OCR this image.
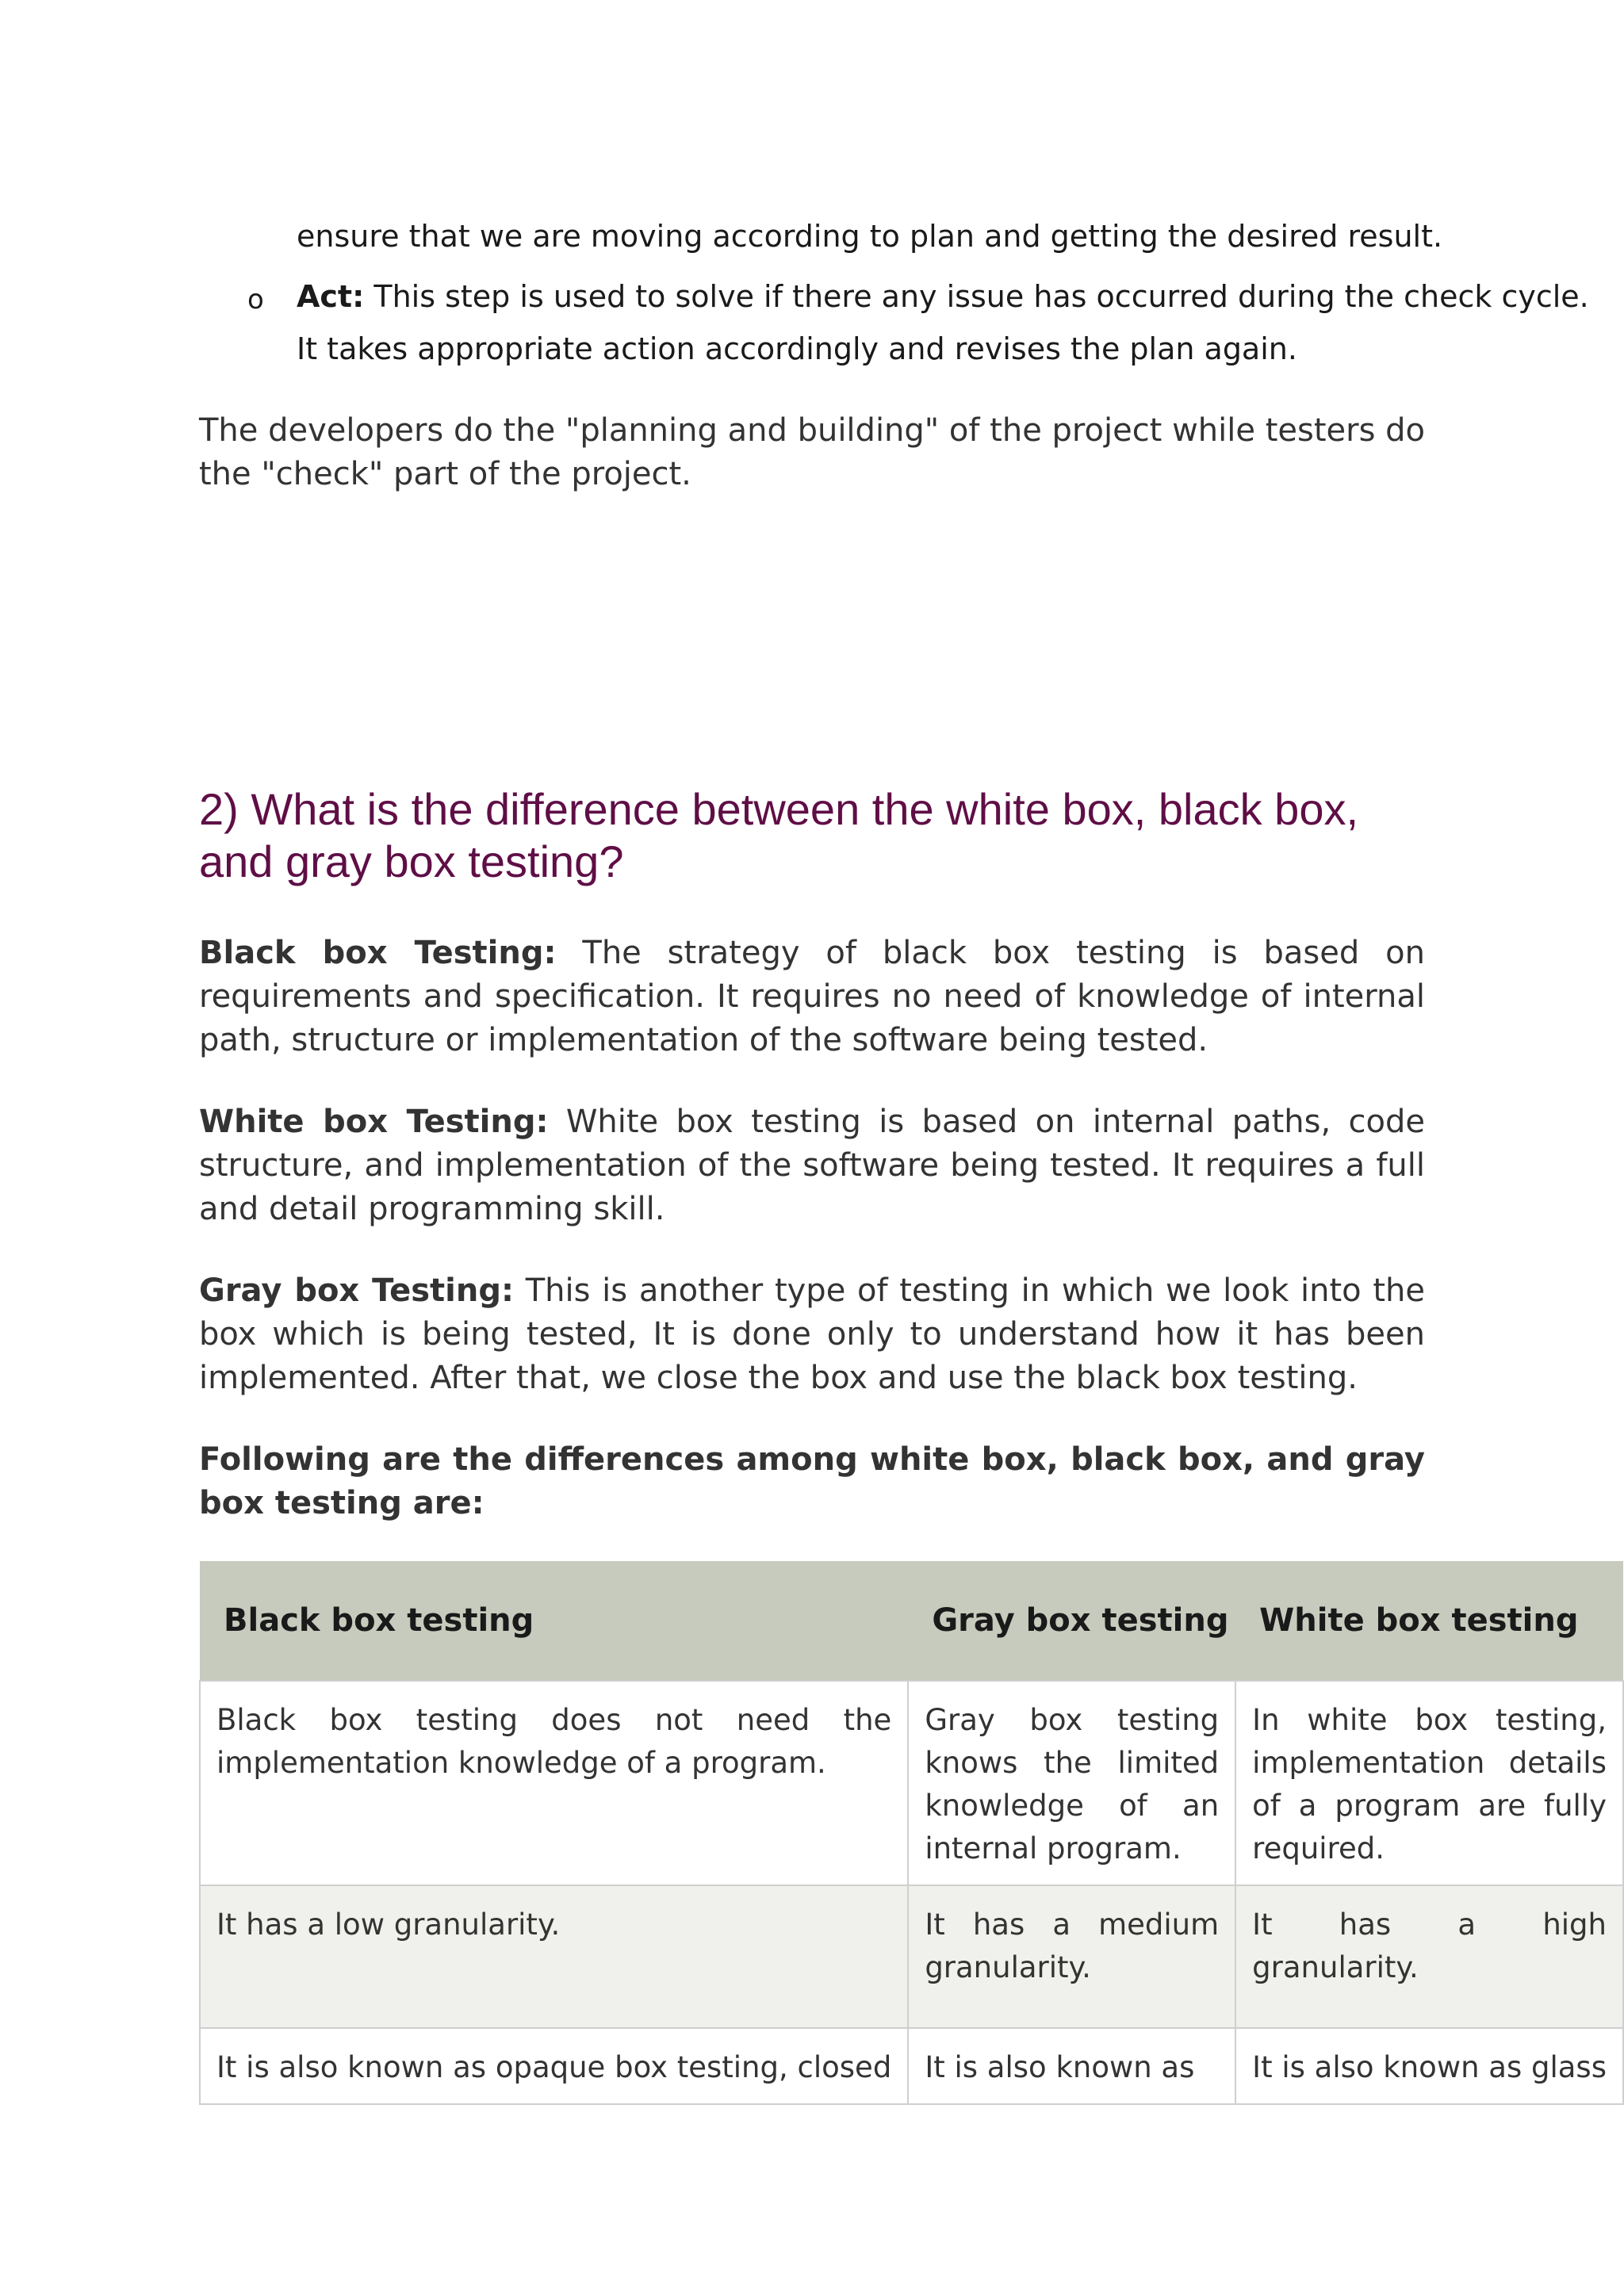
ensure that we are moving according to plan and getting the desired result.
o Act: This step is used to solve if there any issue has occurred during the check cycle.
It takes appropriate action accordingly and revises the plan again.
The developers do the "planning and building" of the project while testers do the "check" part of the project.
2) What is the difference between the white box, black box, and gray box testing?
Black box Testing: The strategy of black box testing is based on requirements and specification. It requires no need of knowledge of internal path, structure or implementation of the software being tested.
White box Testing: White box testing is based on internal paths, code structure, and implementation of the software being tested. It requires a full and detail programming skill.
Gray box Testing: This is another type of testing in which we look into the box which is being tested, It is done only to understand how it has been implemented. After that, we close the box and use the black box testing.
Following are the differences among white box, black box, and gray box testing are:
Black box testing	Gray box testing	White box testing
Black box testing does not need the implementation knowledge of a program.	Gray box testing knows the limited knowledge of an internal program.	In white box testing, implementation details of a program are fully required.
It has a low granularity.	It has a medium granularity.	It has a high granularity.
It is also known as opaque box testing, closed	It is also known as	It is also known as glass
